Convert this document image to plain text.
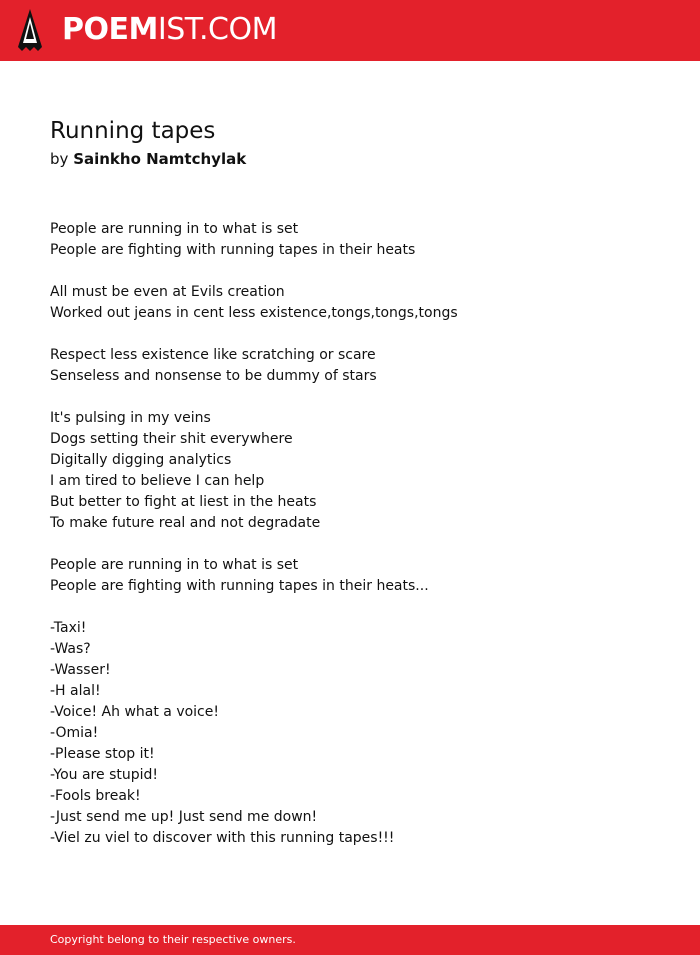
POEMIST.COM
Running tapes
by Sainkho Namtchylak
People are running in to what is set
People are fighting with running tapes in their heats
All must be even at Evils creation
Worked out jeans in cent less existence,tongs,tongs,tongs
Respect less existence like scratching or scare
Senseless and nonsense to be dummy of stars
It's pulsing in my veins
Dogs setting their shit everywhere
Digitally digging analytics
I am tired to believe I can help
But better to fight at liest in the heats
To make future real and not degradate
People are running in to what is set
People are fighting with running tapes in their heats...
-Taxi!
-Was?
-Wasser!
-H alal!
-Voice! Ah what a voice!
-Omia!
-Please stop it!
-You are stupid!
-Fools break!
-Just send me up! Just send me down!
-Viel zu viel to discover with this running tapes!!!
Copyright belong to their respective owners.
